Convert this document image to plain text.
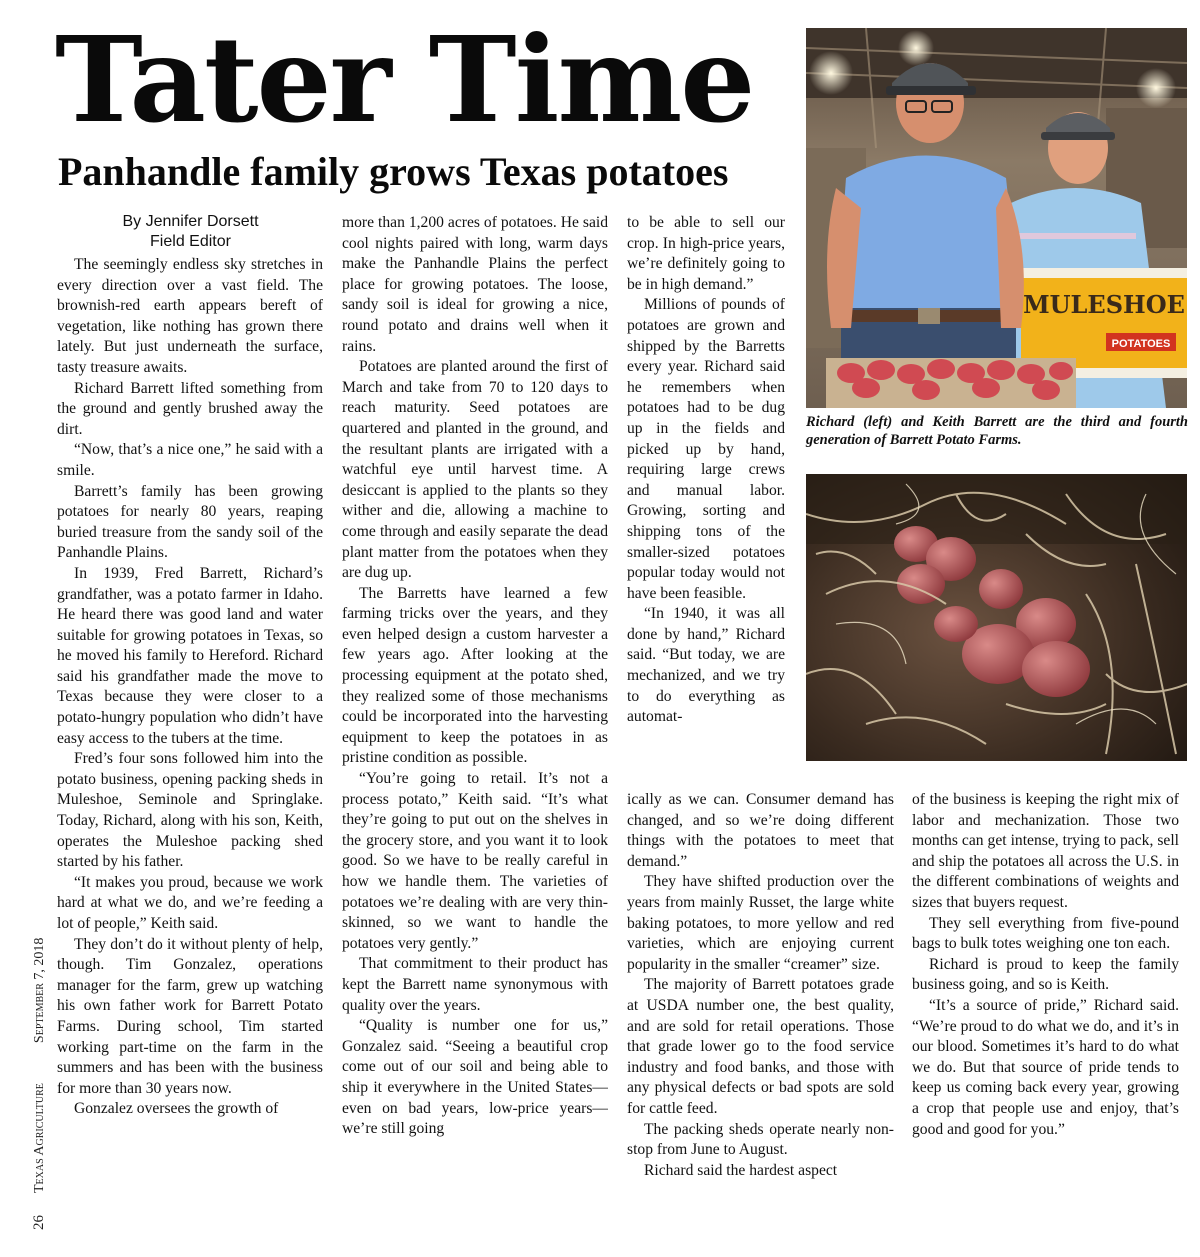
Tater Time
Panhandle family grows Texas potatoes
By Jennifer Dorsett
Field Editor

The seemingly endless sky stretches in every direction over a vast field. The brownish-red earth appears bereft of vegetation, like nothing has grown there lately. But just underneath the surface, tasty treasure awaits.

Richard Barrett lifted something from the ground and gently brushed away the dirt.

“Now, that’s a nice one,” he said with a smile.

Barrett’s family has been growing potatoes for nearly 80 years, reaping buried treasure from the sandy soil of the Panhandle Plains.

In 1939, Fred Barrett, Richard’s grandfather, was a potato farmer in Idaho. He heard there was good land and water suitable for growing potatoes in Texas, so he moved his family to Hereford. Richard said his grandfather made the move to Texas because they were closer to a potato-hungry population who didn’t have easy access to the tubers at the time.

Fred’s four sons followed him into the potato business, opening packing sheds in Muleshoe, Seminole and Springlake. Today, Richard, along with his son, Keith, operates the Muleshoe packing shed started by his father.

“It makes you proud, because we work hard at what we do, and we’re feeding a lot of people,” Keith said.

They don’t do it without plenty of help, though. Tim Gonzalez, operations manager for the farm, grew up watching his own father work for Barrett Potato Farms. During school, Tim started working part-time on the farm in the summers and has been with the business for more than 30 years now.

Gonzalez oversees the growth of

more than 1,200 acres of potatoes. He said cool nights paired with long, warm days make the Panhandle Plains the perfect place for growing potatoes. The loose, sandy soil is ideal for growing a nice, round potato and drains well when it rains.

Potatoes are planted around the first of March and take from 70 to 120 days to reach maturity. Seed potatoes are quartered and planted in the ground, and the resultant plants are irrigated with a watchful eye until harvest time. A desiccant is applied to the plants so they wither and die, allowing a machine to come through and easily separate the dead plant matter from the potatoes when they are dug up.

The Barretts have learned a few farming tricks over the years, and they even helped design a custom harvester a few years ago. After looking at the processing equipment at the potato shed, they realized some of those mechanisms could be incorporated into the harvesting equipment to keep the potatoes in as pristine condition as possible.

“You’re going to retail. It’s not a process potato,” Keith said. “It’s what they’re going to put out on the shelves in the grocery store, and you want it to look good. So we have to be really careful in how we handle them. The varieties of potatoes we’re dealing with are very thin-skinned, so we want to handle the potatoes very gently.”

That commitment to their product has kept the Barrett name synonymous with quality over the years.

“Quality is number one for us,” Gonzalez said. “Seeing a beautiful crop come out of our soil and being able to ship it everywhere in the United States—even on bad years, low-price years—we’re still going

to be able to sell our crop. In high-price years, we’re definitely going to be in high demand.”

Millions of pounds of potatoes are grown and shipped by the Barretts every year. Richard said he remembers when potatoes had to be dug up in the fields and picked up by hand, requiring large crews and manual labor. Growing, sorting and shipping tons of the smaller-sized potatoes popular today would not have been feasible.

“In 1940, it was all done by hand,” Richard said. “But today, we are mechanized, and we try to do everything as automat-

ically as we can. Consumer demand has changed, and so we’re doing different things with the potatoes to meet that demand.”

They have shifted production over the years from mainly Russet, the large white baking potatoes, to more yellow and red varieties, which are enjoying current popularity in the smaller “creamer” size.

The majority of Barrett potatoes grade at USDA number one, the best quality, and are sold for retail operations. Those that grade lower go to the food service industry and food banks, and those with any physical defects or bad spots are sold for cattle feed.

The packing sheds operate nearly non-stop from June to August.

Richard said the hardest aspect

of the business is keeping the right mix of labor and mechanization. Those two months can get intense, trying to pack, sell and ship the potatoes all across the U.S. in the different combinations of weights and sizes that buyers request.

They sell everything from five-pound bags to bulk totes weighing one ton each.

Richard is proud to keep the family business going, and so is Keith.

“It’s a source of pride,” Richard said. “We’re proud to do what we do, and it’s in our blood. Sometimes it’s hard to do what we do. But that source of pride tends to keep us coming back every year, growing a crop that people use and enjoy, that’s good and good for you.”

MULESHOE
POTATOES
Richard (left) and Keith Barrett are the third and fourth generation of Barrett Potato Farms.
26Texas AgricultureSeptember 7, 2018
